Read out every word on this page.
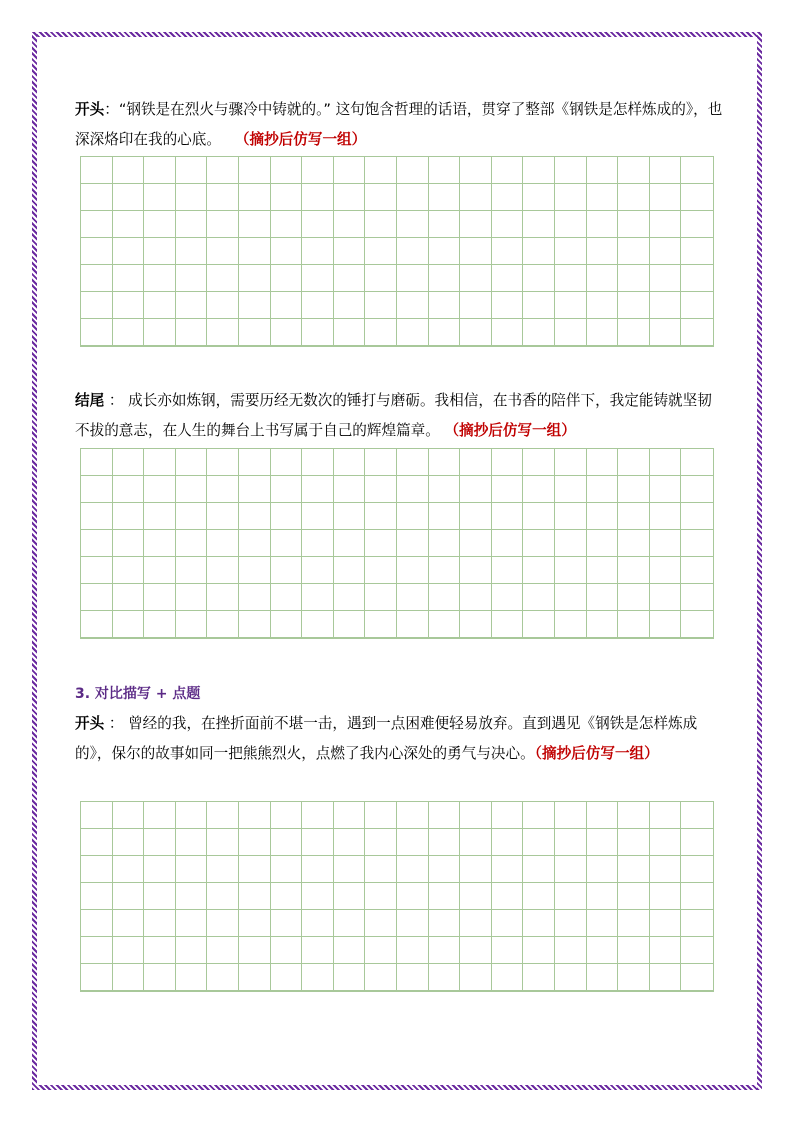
开头：“钢铁是在烈火与骤冷中铸就的。” 这句饱含哲理的话语，贯穿了整部《钢铁是怎样炼成的》，也深深烙印在我的心底。 （摘抄后仿写一组）

结尾 ： 成长亦如炼钢，需要历经无数次的锤打与磨砺。我相信，在书香的陪伴下，我定能铸就坚韧不拔的意志，在人生的舞台上书写属于自己的辉煌篇章。 （摘抄后仿写一组）

3. 对比描写 + 点题

开头 ： 曾经的我，在挫折面前不堪一击，遇到一点困难便轻易放弃。直到遇见《钢铁是怎样炼成的》，保尔的故事如同一把熊熊烈火，点燃了我内心深处的勇气与决心。（摘抄后仿写一组）
